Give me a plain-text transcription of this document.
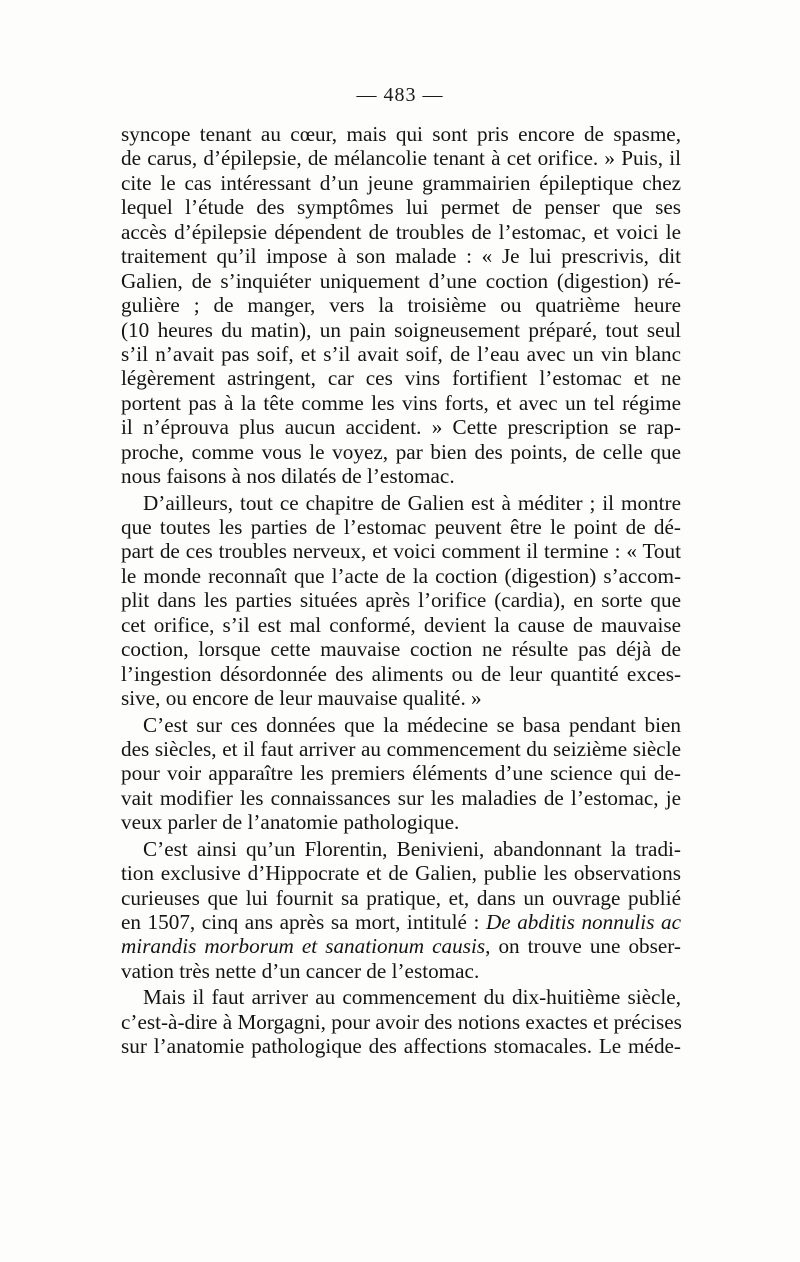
— 483 —
syncope tenant au cœur, mais qui sont pris encore de spasme,
de carus, d’épilepsie, de mélancolie tenant à cet orifice. » Puis, il
cite le cas intéressant d’un jeune grammairien épileptique chez
lequel l’étude des symptômes lui permet de penser que ses
accès d’épilepsie dépendent de troubles de l’estomac, et voici le
traitement qu’il impose à son malade : « Je lui prescrivis, dit
Galien, de s’inquiéter uniquement d’une coction (digestion) ré-
gulière ; de manger, vers la troisième ou quatrième heure
(10 heures du matin), un pain soigneusement préparé, tout seul
s’il n’avait pas soif, et s’il avait soif, de l’eau avec un vin blanc
légèrement astringent, car ces vins fortifient l’estomac et ne
portent pas à la tête comme les vins forts, et avec un tel régime
il n’éprouva plus aucun accident. » Cette prescription se rap-
proche, comme vous le voyez, par bien des points, de celle que
nous faisons à nos dilatés de l’estomac.
D’ailleurs, tout ce chapitre de Galien est à méditer ; il montre
que toutes les parties de l’estomac peuvent être le point de dé-
part de ces troubles nerveux, et voici comment il termine : « Tout
le monde reconnaît que l’acte de la coction (digestion) s’accom-
plit dans les parties situées après l’orifice (cardia), en sorte que
cet orifice, s’il est mal conformé, devient la cause de mauvaise
coction, lorsque cette mauvaise coction ne résulte pas déjà de
l’ingestion désordonnée des aliments ou de leur quantité exces-
sive, ou encore de leur mauvaise qualité. »
C’est sur ces données que la médecine se basa pendant bien
des siècles, et il faut arriver au commencement du seizième siècle
pour voir apparaître les premiers éléments d’une science qui de-
vait modifier les connaissances sur les maladies de l’estomac, je
veux parler de l’anatomie pathologique.
C’est ainsi qu’un Florentin, Benivieni, abandonnant la tradi-
tion exclusive d’Hippocrate et de Galien, publie les observations
curieuses que lui fournit sa pratique, et, dans un ouvrage publié
en 1507, cinq ans après sa mort, intitulé : De abditis nonnulis ac
mirandis morborum et sanationum causis, on trouve une obser-
vation très nette d’un cancer de l’estomac.
Mais il faut arriver au commencement du dix-huitième siècle,
c’est-à-dire à Morgagni, pour avoir des notions exactes et précises
sur l’anatomie pathologique des affections stomacales. Le méde-
